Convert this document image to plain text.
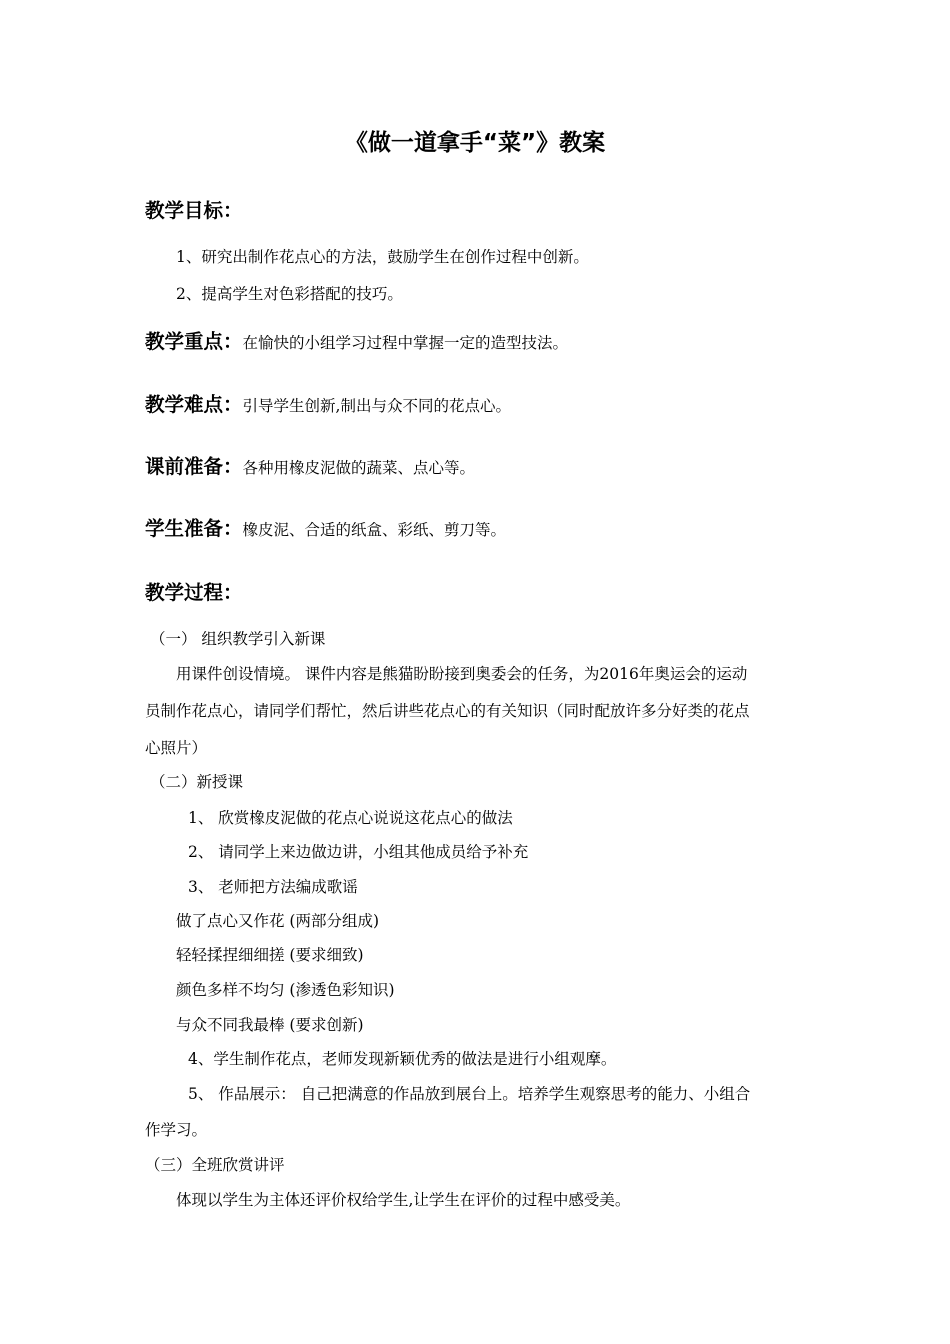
《做一道拿手“菜”》教案
教学目标：
1、研究出制作花点心的方法，鼓励学生在创作过程中创新。
2、提高学生对色彩搭配的技巧。
教学重点：在愉快的小组学习过程中掌握一定的造型技法。
教学难点：引导学生创新,制出与众不同的花点心。
课前准备：各种用橡皮泥做的蔬菜、点心等。
学生准备：橡皮泥、合适的纸盒、彩纸、剪刀等。
教学过程：
（一） 组织教学引入新课
用课件创设情境。 课件内容是熊猫盼盼接到奥委会的任务，为2016年奥运会的运动
员制作花点心，请同学们帮忙，然后讲些花点心的有关知识（同时配放许多分好类的花点
心照片）
（二）新授课
1、 欣赏橡皮泥做的花点心说说这花点心的做法
2、 请同学上来边做边讲，小组其他成员给予补充
3、 老师把方法编成歌谣
做了点心又作花 (两部分组成)
轻轻揉捏细细搓 (要求细致)
颜色多样不均匀 (渗透色彩知识)
与众不同我最棒 (要求创新)
4、学生制作花点，老师发现新颖优秀的做法是进行小组观摩。
5、 作品展示： 自己把满意的作品放到展台上。培养学生观察思考的能力、小组合
作学习。
（三）全班欣赏讲评
体现以学生为主体还评价权给学生,让学生在评价的过程中感受美。
